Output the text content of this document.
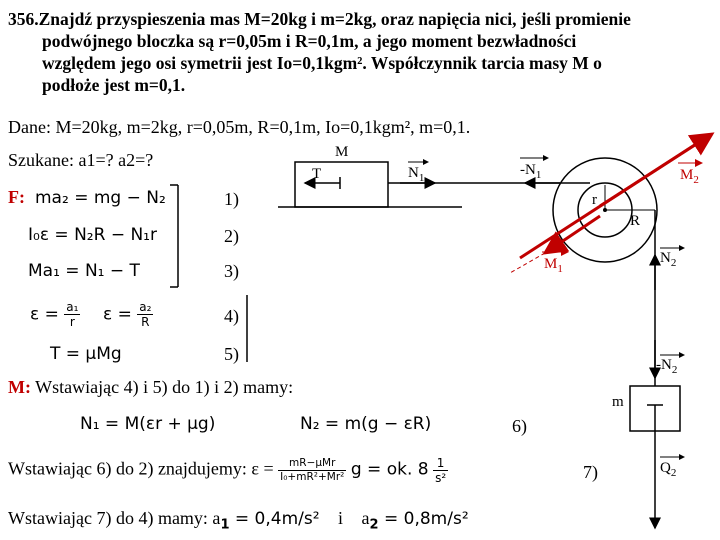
356.Znajdź przyspieszenia mas M=20kg i m=2kg, oraz napięcia nici, jeśli promienie
podwójnego bloczka są r=0,05m i R=0,1m, a jego moment bezwładności
względem jego osi symetrii jest Io=0,1kgm². Współczynnik tarcia masy M o
podłoże jest m=0,1.
Dane: M=20kg, m=2kg, r=0,05m, R=0,1m, Io=0,1kgm², m=0,1.
Szukane: a1=? a2=?
F: ma₂ = mg − N₂
I₀ε = N₂R − N₁r
Ma₁ = N₁ − T
1)
2)
3)
$\varepsilon = \frac{\text{a₁}}{r}$ $\varepsilon = \frac{\text{a₂}}{R}$	4)
T = μMg	5)
M: Wstawiając 4) i 5) do 1) i 2) mamy:
N₁ = M(εr + μg)	N₂ = m(g − εR)	6)
Wstawiając 6) do 2) znajdujemy: $\varepsilon = \frac{\text{mR−μMr}}{\text{I₀+mR²+Mr²}}$ g = ok. $8 \frac{1}{\text{s²}}$	7)
Wstawiając 7) do 4) mamy: $a_1 = 0,4m/s^2$ i $a_2 = 0,8m/s^2$
M
T	$N_1$	$-N_1$
r
R
$M_2$
$M_1$
$N_2$
$-N_2$
m
$Q_2$
